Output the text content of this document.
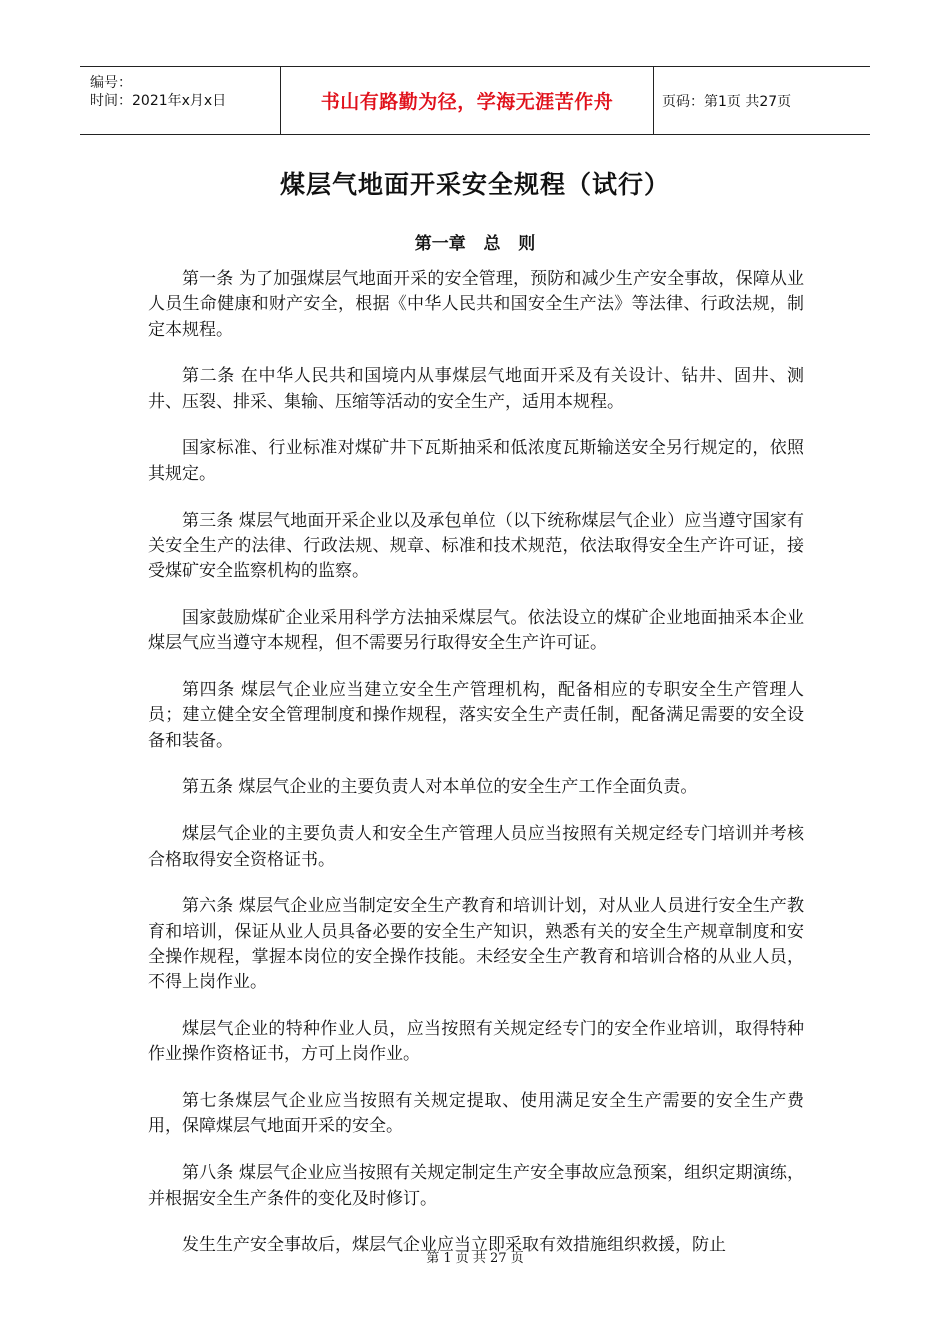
编号：
时间：2021年x月x日	书山有路勤为径，学海无涯苦作舟	页码：第1页 共27页
煤层气地面开采安全规程（试行）
第一章   总   则

第一条 为了加强煤层气地面开采的安全管理，预防和减少生产安全事故，保障从业人员生命健康和财产安全，根据《中华人民共和国安全生产法》等法律、行政法规，制定本规程。

第二条 在中华人民共和国境内从事煤层气地面开采及有关设计、钻井、固井、测井、压裂、排采、集输、压缩等活动的安全生产，适用本规程。

国家标准、行业标准对煤矿井下瓦斯抽采和低浓度瓦斯输送安全另行规定的，依照其规定。

第三条 煤层气地面开采企业以及承包单位（以下统称煤层气企业）应当遵守国家有关安全生产的法律、行政法规、规章、标准和技术规范，依法取得安全生产许可证，接受煤矿安全监察机构的监察。

国家鼓励煤矿企业采用科学方法抽采煤层气。依法设立的煤矿企业地面抽采本企业煤层气应当遵守本规程，但不需要另行取得安全生产许可证。

第四条 煤层气企业应当建立安全生产管理机构，配备相应的专职安全生产管理人员；建立健全安全管理制度和操作规程，落实安全生产责任制，配备满足需要的安全设备和装备。

第五条 煤层气企业的主要负责人对本单位的安全生产工作全面负责。

煤层气企业的主要负责人和安全生产管理人员应当按照有关规定经专门培训并考核合格取得安全资格证书。

第六条 煤层气企业应当制定安全生产教育和培训计划，对从业人员进行安全生产教育和培训，保证从业人员具备必要的安全生产知识，熟悉有关的安全生产规章制度和安全操作规程，掌握本岗位的安全操作技能。未经安全生产教育和培训合格的从业人员，不得上岗作业。

煤层气企业的特种作业人员，应当按照有关规定经专门的安全作业培训，取得特种作业操作资格证书，方可上岗作业。

第七条煤层气企业应当按照有关规定提取、使用满足安全生产需要的安全生产费用，保障煤层气地面开采的安全。

第八条 煤层气企业应当按照有关规定制定生产安全事故应急预案，组织定期演练，并根据安全生产条件的变化及时修订。

发生生产安全事故后，煤层气企业应当立即采取有效措施组织救援，防止

第 1 页 共 27 页
